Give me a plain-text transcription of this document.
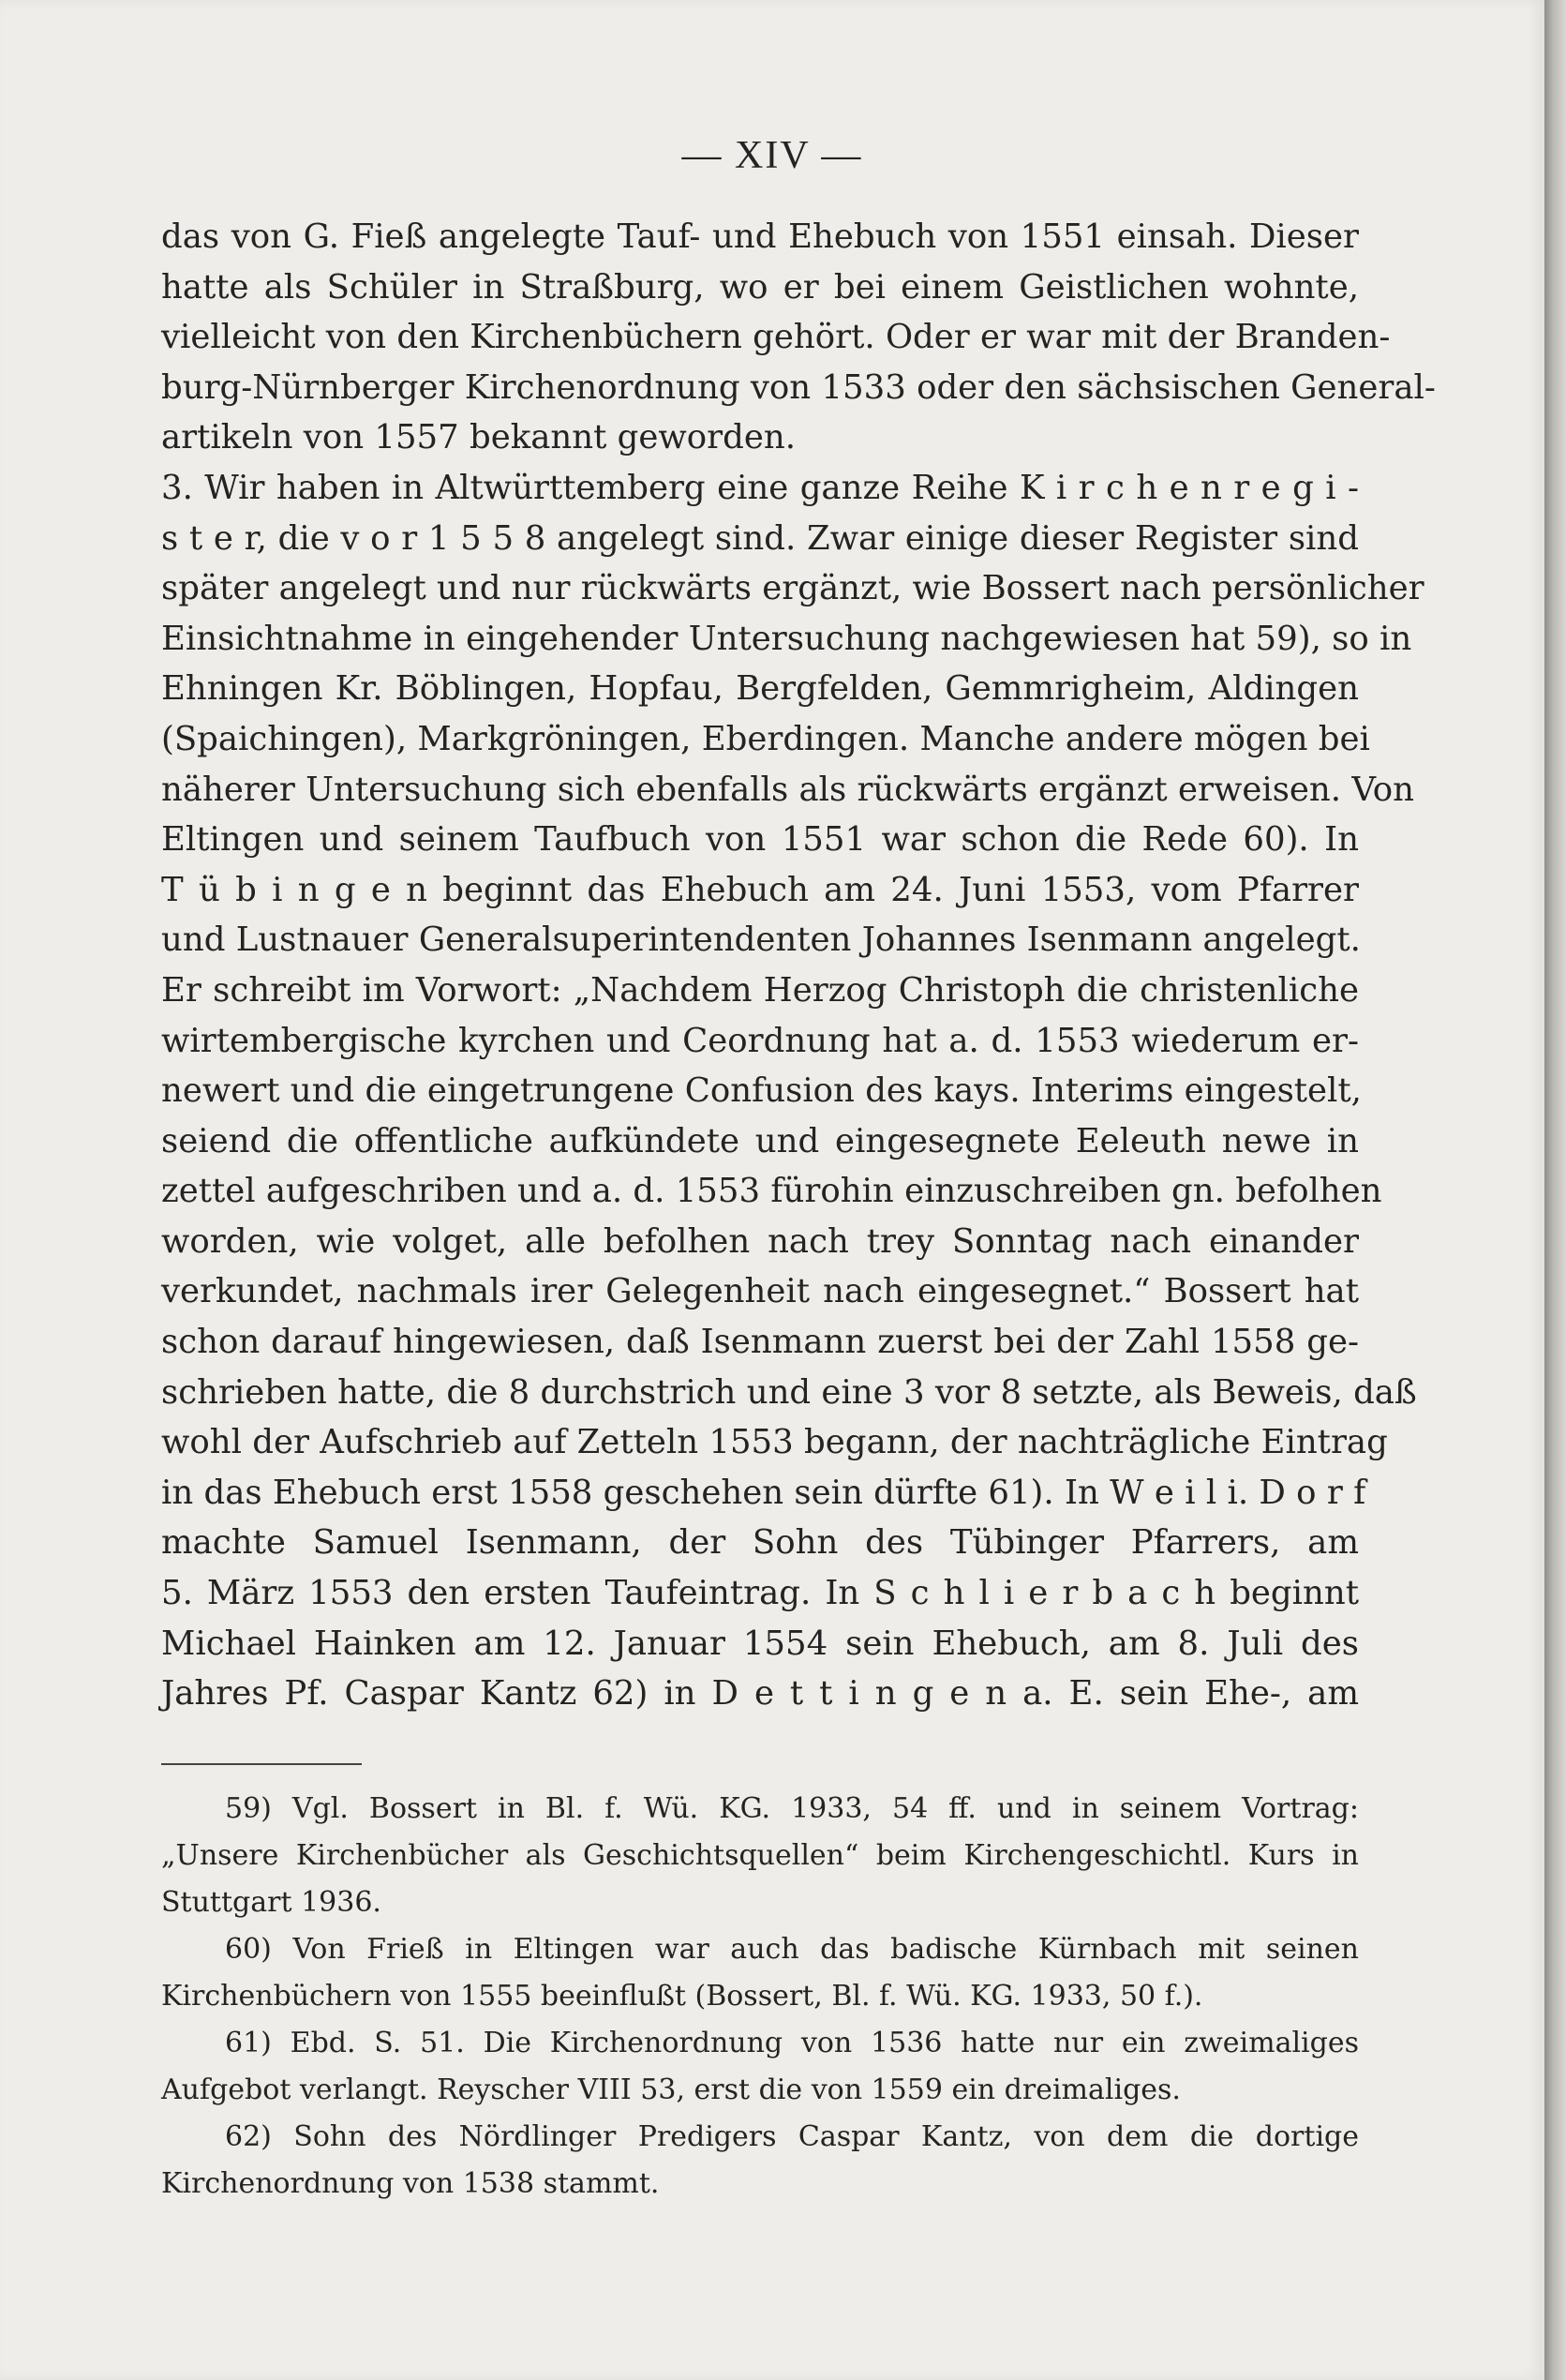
— XIV —
das von G. Fieß angelegte Tauf- und Ehebuch von 1551 einsah. Dieser
hatte als Schüler in Straßburg, wo er bei einem Geistlichen wohnte,
vielleicht von den Kirchenbüchern gehört. Oder er war mit der Branden-
burg-Nürnberger Kirchenordnung von 1533 oder den sächsischen General-
artikeln von 1557 bekannt geworden.
3. Wir haben in Altwürttemberg eine ganze Reihe K i r c h e n r e g i -
s t e r, die v o r 1 5 5 8 angelegt sind. Zwar einige dieser Register sind
später angelegt und nur rückwärts ergänzt, wie Bossert nach persönlicher
Einsichtnahme in eingehender Untersuchung nachgewiesen hat 59), so in
Ehningen Kr. Böblingen, Hopfau, Bergfelden, Gemmrigheim, Aldingen
(Spaichingen), Markgröningen, Eberdingen. Manche andere mögen bei
näherer Untersuchung sich ebenfalls als rückwärts ergänzt erweisen. Von
Eltingen und seinem Taufbuch von 1551 war schon die Rede 60). In
T ü b i n g e n beginnt das Ehebuch am 24. Juni 1553, vom Pfarrer
und Lustnauer Generalsuperintendenten Johannes Isenmann angelegt.
Er schreibt im Vorwort: „Nachdem Herzog Christoph die christenliche
wirtembergische kyrchen und Ceordnung hat a. d. 1553 wiederum er-
newert und die eingetrungene Confusion des kays. Interims eingestelt,
seiend die offentliche aufkündete und eingesegnete Eeleuth newe in
zettel aufgeschriben und a. d. 1553 fürohin einzuschreiben gn. befolhen
worden, wie volget, alle befolhen nach trey Sonntag nach einander
verkundet, nachmals irer Gelegenheit nach eingesegnet.“ Bossert hat
schon darauf hingewiesen, daß Isenmann zuerst bei der Zahl 1558 ge-
schrieben hatte, die 8 durchstrich und eine 3 vor 8 setzte, als Beweis, daß
wohl der Aufschrieb auf Zetteln 1553 begann, der nachträgliche Eintrag
in das Ehebuch erst 1558 geschehen sein dürfte 61). In W e i l i. D o r f
machte Samuel Isenmann, der Sohn des Tübinger Pfarrers, am
5. März 1553 den ersten Taufeintrag. In S c h l i e r b a c h beginnt
Michael Hainken am 12. Januar 1554 sein Ehebuch, am 8. Juli des
Jahres Pf. Caspar Kantz 62) in D e t t i n g e n a. E. sein Ehe-, am
59) Vgl. Bossert in Bl. f. Wü. KG. 1933, 54 ff. und in seinem Vortrag:
„Unsere Kirchenbücher als Geschichtsquellen“ beim Kirchengeschichtl. Kurs in
Stuttgart 1936.
60) Von Frieß in Eltingen war auch das badische Kürnbach mit seinen
Kirchenbüchern von 1555 beeinflußt (Bossert, Bl. f. Wü. KG. 1933, 50 f.).
61) Ebd. S. 51. Die Kirchenordnung von 1536 hatte nur ein zweimaliges
Aufgebot verlangt. Reyscher VIII 53, erst die von 1559 ein dreimaliges.
62) Sohn des Nördlinger Predigers Caspar Kantz, von dem die dortige
Kirchenordnung von 1538 stammt.
